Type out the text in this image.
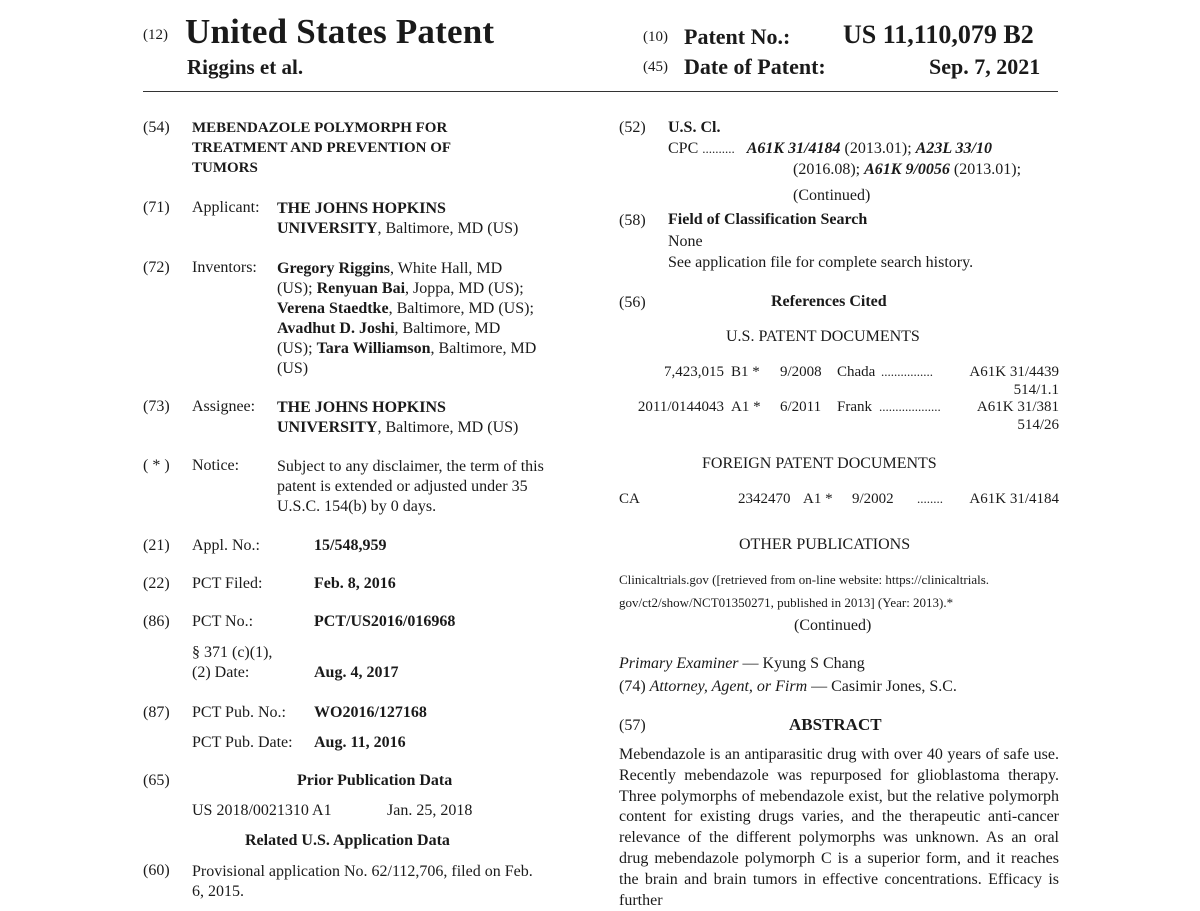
(12) United States Patent
Riggins et al.
(10) Patent No.: US 11,110,079 B2
(45) Date of Patent:	Sep. 7, 2021
(54) MEBENDAZOLE POLYMORPH FOR
TREATMENT AND PREVENTION OF
TUMORS
(71) Applicant: THE JOHNS HOPKINS
UNIVERSITY, Baltimore, MD (US)
(72) Inventors: Gregory Riggins, White Hall, MD
(US); Renyuan Bai, Joppa, MD (US);
Verena Staedtke, Baltimore, MD (US);
Avadhut D. Joshi, Baltimore, MD
(US); Tara Williamson, Baltimore, MD
(US)
(73) Assignee: THE JOHNS HOPKINS
UNIVERSITY, Baltimore, MD (US)
( * ) Notice: Subject to any disclaimer, the term of this
patent is extended or adjusted under 35
U.S.C. 154(b) by 0 days.
(21) Appl. No.:	15/548,959
(22) PCT Filed:	Feb. 8, 2016
(86) PCT No.:	PCT/US2016/016968
§ 371 (c)(1),
(2) Date:	Aug. 4, 2017
(87) PCT Pub. No.: WO2016/127168
PCT Pub. Date: Aug. 11, 2016
(65)	Prior Publication Data
US 2018/0021310 A1	Jan. 25, 2018
Related U.S. Application Data
(60) Provisional application No. 62/112,706, filed on Feb.
6, 2015.
(52) U.S. Cl.
CPC .......... A61K 31/4184 (2013.01); A23L 33/10
(2016.08); A61K 9/0056 (2013.01);
(Continued)
(58) Field of Classification Search
None
See application file for complete search history.
(56)	References Cited
U.S. PATENT DOCUMENTS
7,423,015 B1 * 9/2008 Chada ................ A61K 31/4439
514/1.1
2011/0144043 A1 * 6/2011 Frank ................... A61K 31/381
514/26
FOREIGN PATENT DOCUMENTS
CA	2342470 A1 * 9/2002 ........ A61K 31/4184
OTHER PUBLICATIONS
Clinicaltrials.gov ([retrieved from on-line website: https://clinicaltrials.
gov/ct2/show/NCT01350271, published in 2013] (Year: 2013).*
(Continued)
Primary Examiner — Kyung S Chang
(74) Attorney, Agent, or Firm — Casimir Jones, S.C.
(57)	ABSTRACT
Mebendazole is an antiparasitic drug with over 40 years of safe use. Recently mebendazole was repurposed for glioblastoma therapy. Three polymorphs of mebendazole exist, but the relative polymorph content for existing drugs varies, and the therapeutic anti-cancer relevance of the different polymorphs was unknown. As an oral drug mebendazole polymorph C is a superior form, and it reaches the brain and brain tumors in effective concentrations. Efficacy is further
